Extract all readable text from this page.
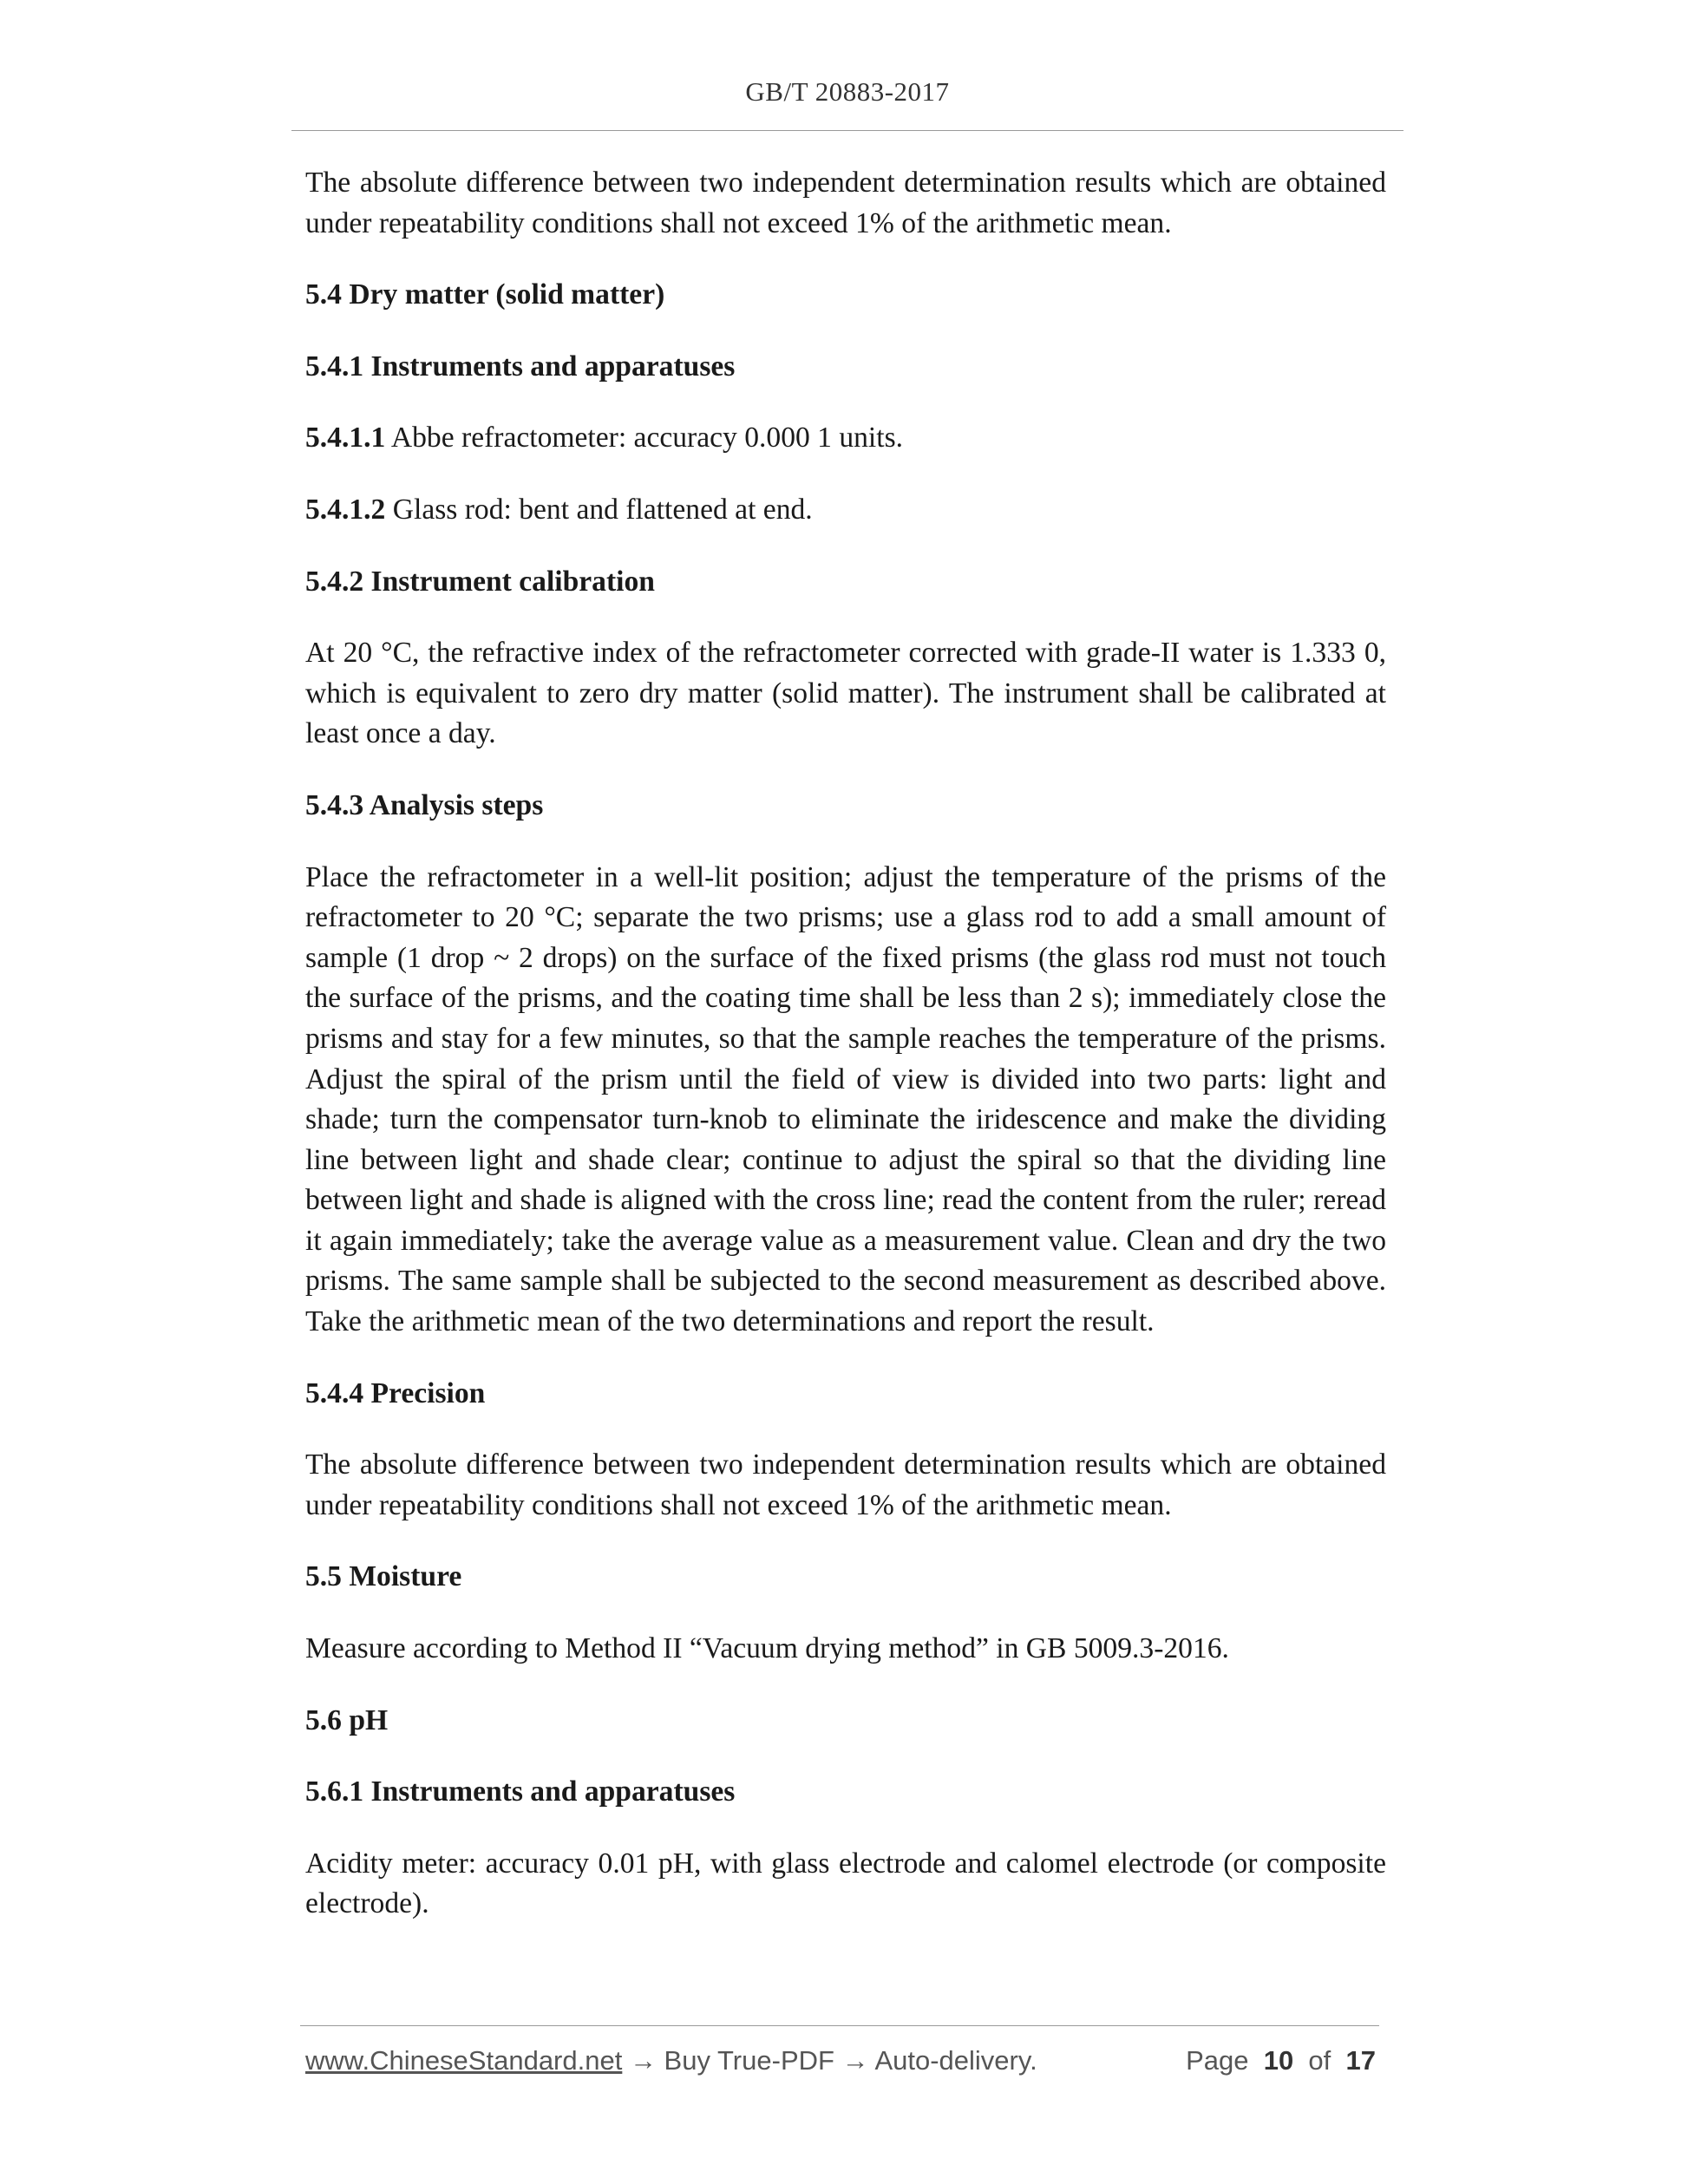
GB/T 20883-2017

The absolute difference between two independent determination results which are obtained under repeatability conditions shall not exceed 1% of the arithmetic mean.

5.4 Dry matter (solid matter)

5.4.1 Instruments and apparatuses

5.4.1.1 Abbe refractometer: accuracy 0.000 1 units.

5.4.1.2 Glass rod: bent and flattened at end.

5.4.2 Instrument calibration

At 20 °C, the refractive index of the refractometer corrected with grade-II water is 1.333 0, which is equivalent to zero dry matter (solid matter). The instrument shall be calibrated at least once a day.

5.4.3 Analysis steps

Place the refractometer in a well-lit position; adjust the temperature of the prisms of the refractometer to 20 °C; separate the two prisms; use a glass rod to add a small amount of sample (1 drop ~ 2 drops) on the surface of the fixed prisms (the glass rod must not touch the surface of the prisms, and the coating time shall be less than 2 s); immediately close the prisms and stay for a few minutes, so that the sample reaches the temperature of the prisms. Adjust the spiral of the prism until the field of view is divided into two parts: light and shade; turn the compensator turn-knob to eliminate the iridescence and make the dividing line between light and shade clear; continue to adjust the spiral so that the dividing line between light and shade is aligned with the cross line; read the content from the ruler; reread it again immediately; take the average value as a measurement value. Clean and dry the two prisms. The same sample shall be subjected to the second measurement as described above. Take the arithmetic mean of the two determinations and report the result.

5.4.4 Precision

The absolute difference between two independent determination results which are obtained under repeatability conditions shall not exceed 1% of the arithmetic mean.

5.5 Moisture

Measure according to Method II “Vacuum drying method” in GB 5009.3-2016.

5.6 pH

5.6.1 Instruments and apparatuses

Acidity meter: accuracy 0.01 pH, with glass electrode and calomel electrode (or composite electrode).

www.ChineseStandard.net → Buy True-PDF → Auto-delivery.	Page 10 of 17
